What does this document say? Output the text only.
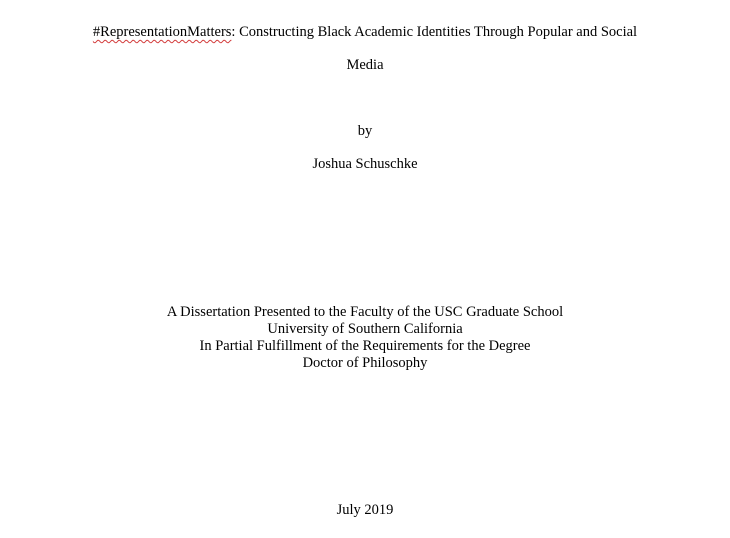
#RepresentationMatters: Constructing Black Academic Identities Through Popular and Social
Media
by
Joshua Schuschke
A Dissertation Presented to the Faculty of the USC Graduate School
University of Southern California
In Partial Fulfillment of the Requirements for the Degree
Doctor of Philosophy
July 2019
